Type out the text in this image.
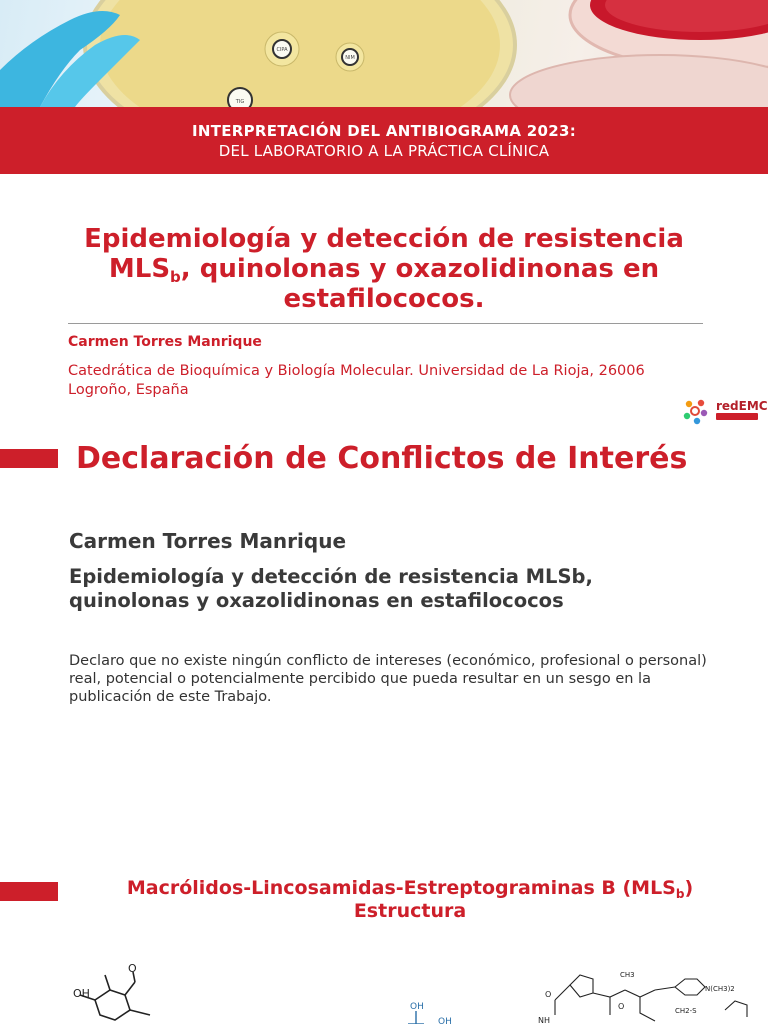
CIPA
NIM
TIG
INTERPRETACIÓN DEL ANTIBIOGRAMA 2023:
DEL LABORATORIO A LA PRÁCTICA CLÍNICA
Epidemiología y detección de resistencia
$MLS_b$, quinolonas y oxazolidinonas en
estafilococos.
Carmen Torres Manrique
Catedrática de Bioquímica y Biología Molecular. Universidad de La Rioja, 26006 Logroño, España
redEMC
Declaración de Conflictos de Interés
Carmen Torres Manrique
Epidemiología y detección de resistencia MLSb, quinolonas y oxazolidinonas en estafilococos
Declaro que no existe ningún conflicto de intereses (económico, profesional o personal) real, potencial o potencialmente percibido que pueda resultar en un sesgo en la publicación de este Trabajo.
Macrólidos-Lincosamidas-Estreptograminas B $(MLS_b)$
Estructura
OH
O
OH
OH
O
NH
O
N(CH3)2
CH3
CH2-S
